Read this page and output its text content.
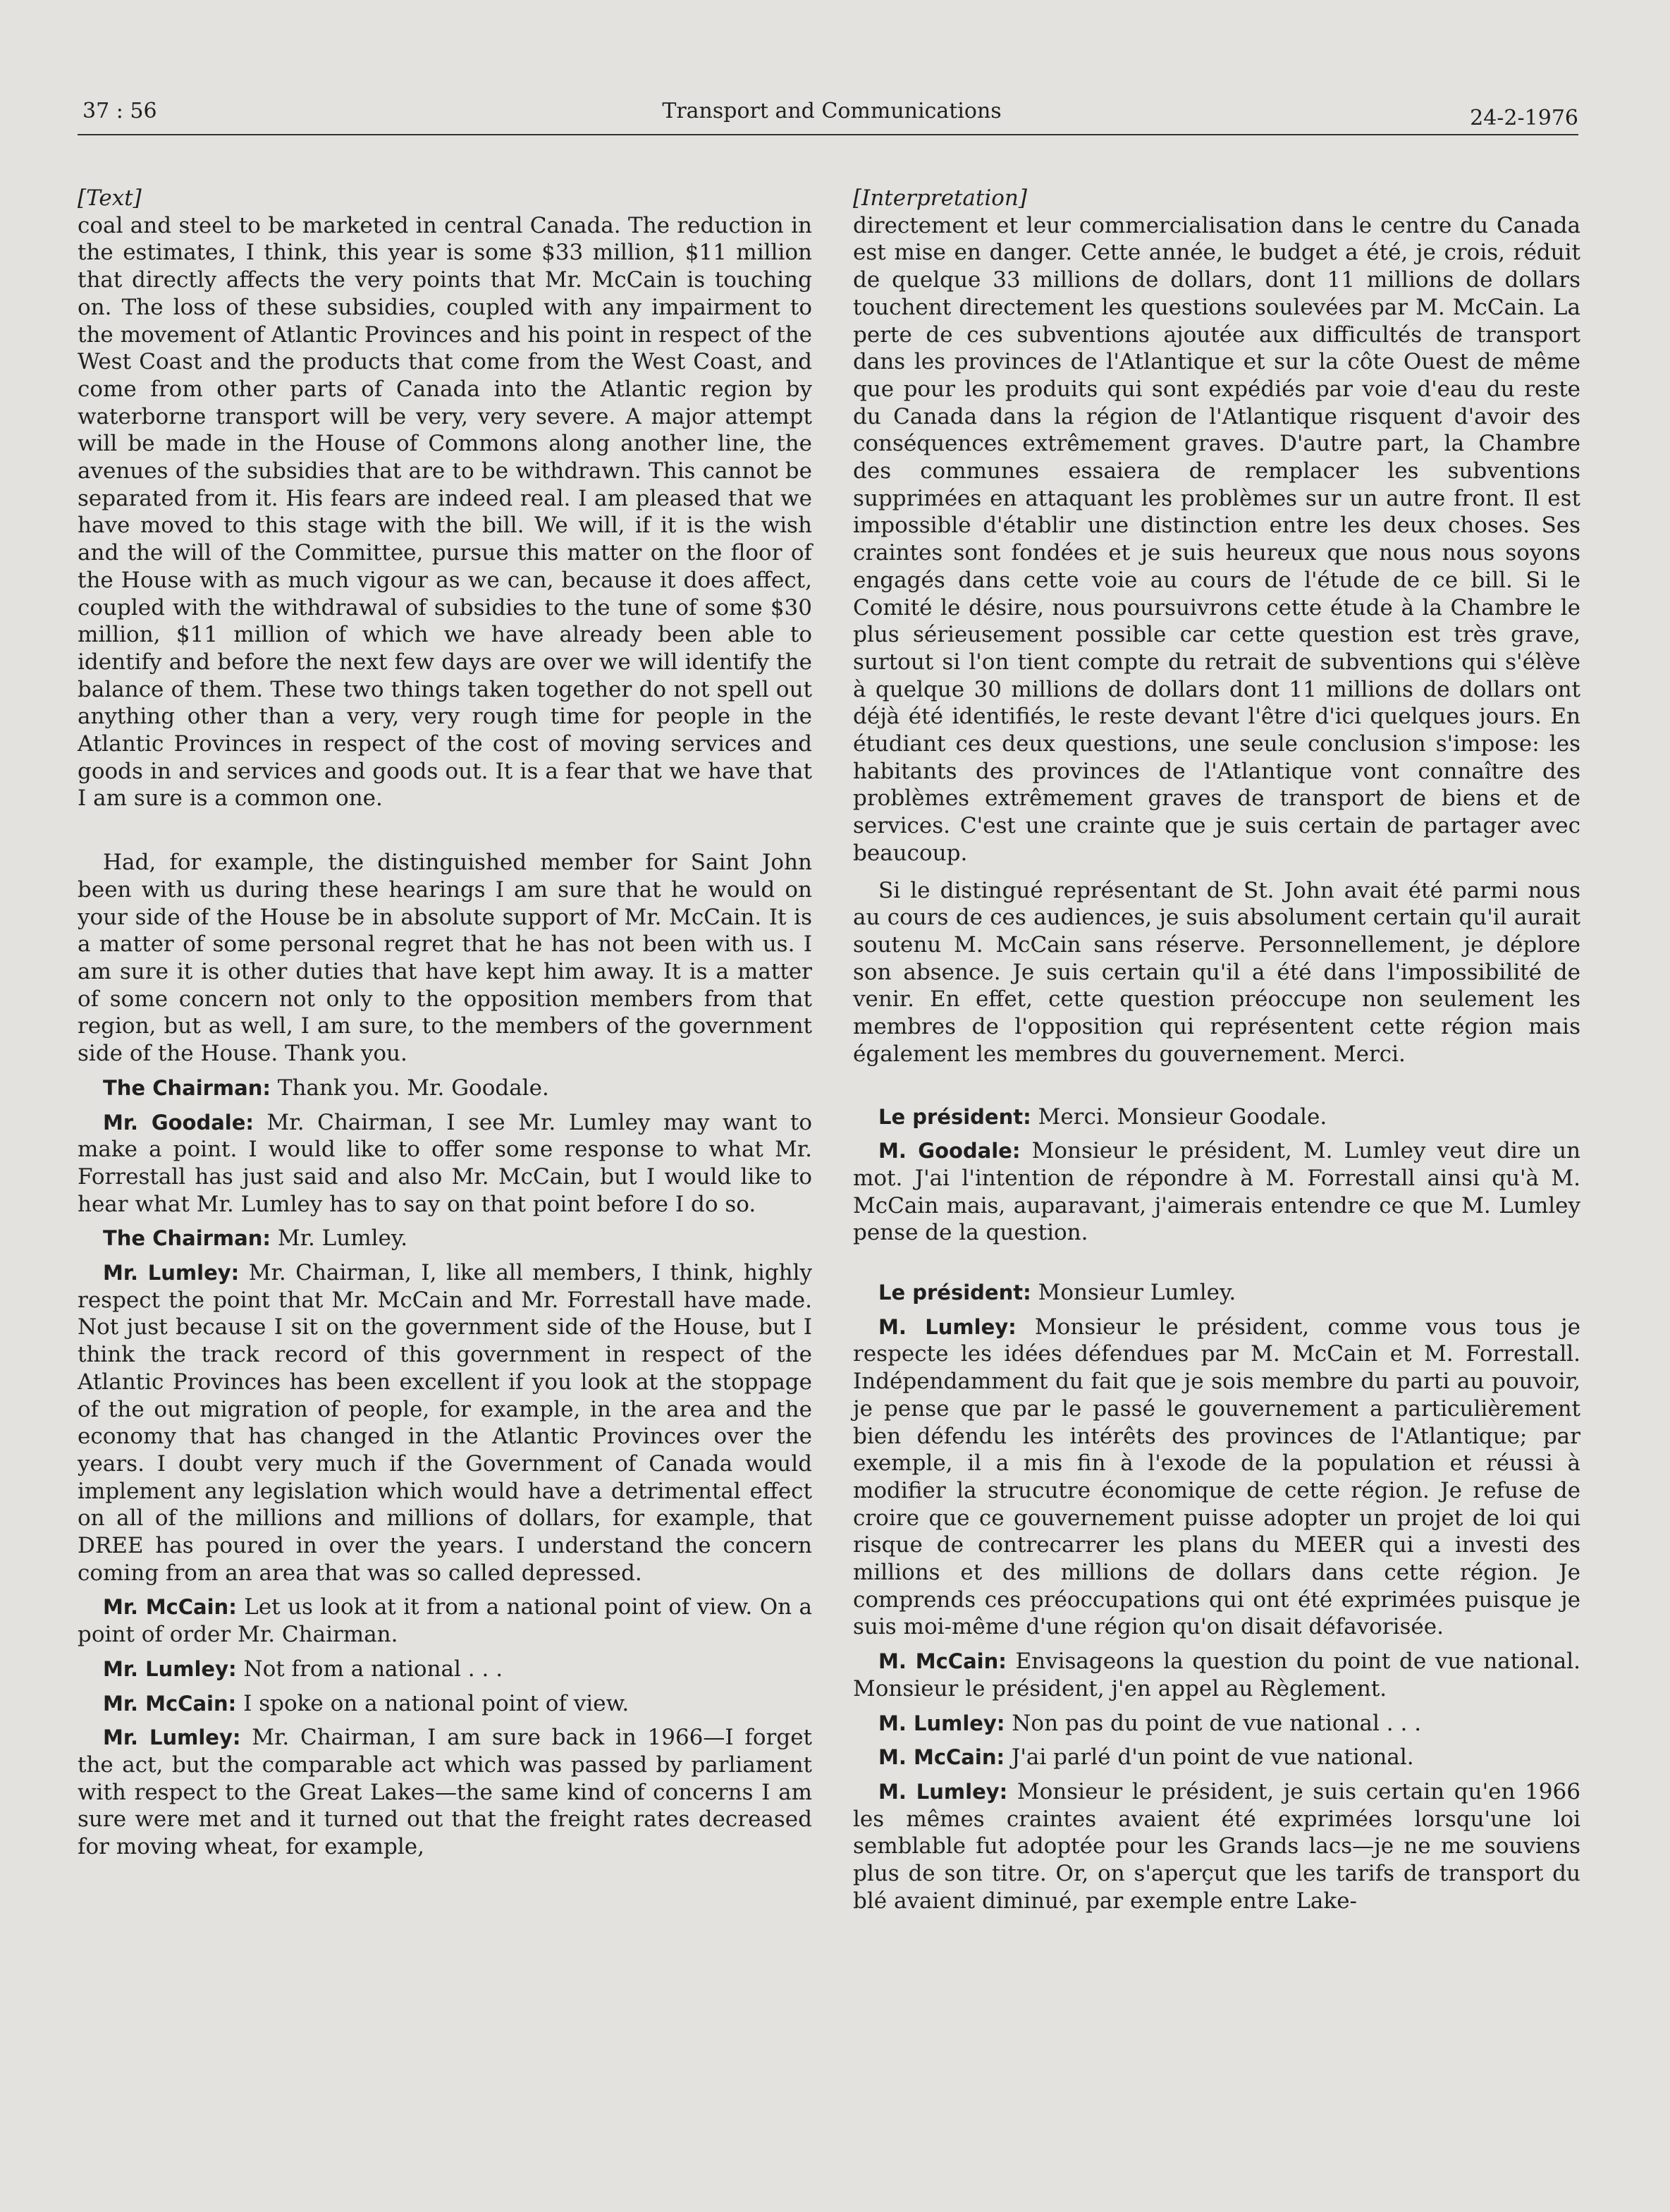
37 : 56	Transport and Communications	24-2-1976

[Text]

coal and steel to be marketed in central Canada. The reduction in the estimates, I think, this year is some $33 million, $11 million that directly affects the very points that Mr. McCain is touching on. The loss of these subsidies, coupled with any impairment to the movement of Atlantic Provinces and his point in respect of the West Coast and the products that come from the West Coast, and come from other parts of Canada into the Atlantic region by waterborne transport will be very, very severe. A major attempt will be made in the House of Commons along another line, the avenues of the subsidies that are to be withdrawn. This cannot be separated from it. His fears are indeed real. I am pleased that we have moved to this stage with the bill. We will, if it is the wish and the will of the Committee, pursue this matter on the floor of the House with as much vigour as we can, because it does affect, coupled with the withdrawal of subsidies to the tune of some $30 million, $11 million of which we have already been able to identify and before the next few days are over we will identify the balance of them. These two things taken together do not spell out anything other than a very, very rough time for people in the Atlantic Provinces in respect of the cost of moving services and goods in and services and goods out. It is a fear that we have that I am sure is a common one.

Had, for example, the distinguished member for Saint John been with us during these hearings I am sure that he would on your side of the House be in absolute support of Mr. McCain. It is a matter of some personal regret that he has not been with us. I am sure it is other duties that have kept him away. It is a matter of some concern not only to the opposition members from that region, but as well, I am sure, to the members of the government side of the House. Thank you.

The Chairman: Thank you. Mr. Goodale.

Mr. Goodale: Mr. Chairman, I see Mr. Lumley may want to make a point. I would like to offer some response to what Mr. Forrestall has just said and also Mr. McCain, but I would like to hear what Mr. Lumley has to say on that point before I do so.

The Chairman: Mr. Lumley.

Mr. Lumley: Mr. Chairman, I, like all members, I think, highly respect the point that Mr. McCain and Mr. Forrestall have made. Not just because I sit on the government side of the House, but I think the track record of this government in respect of the Atlantic Provinces has been excellent if you look at the stoppage of the out migration of people, for example, in the area and the economy that has changed in the Atlantic Provinces over the years. I doubt very much if the Government of Canada would implement any legislation which would have a detrimental effect on all of the millions and millions of dollars, for example, that DREE has poured in over the years. I understand the concern coming from an area that was so called depressed.

Mr. McCain: Let us look at it from a national point of view. On a point of order Mr. Chairman.

Mr. Lumley: Not from a national . . .

Mr. McCain: I spoke on a national point of view.

Mr. Lumley: Mr. Chairman, I am sure back in 1966—I forget the act, but the comparable act which was passed by parliament with respect to the Great Lakes—the same kind of concerns I am sure were met and it turned out that the freight rates decreased for moving wheat, for example,

[Interpretation]

directement et leur commercialisation dans le centre du Canada est mise en danger. Cette année, le budget a été, je crois, réduit de quelque 33 millions de dollars, dont 11 millions de dollars touchent directement les questions soulevées par M. McCain. La perte de ces subventions ajoutée aux difficultés de transport dans les provinces de l'Atlantique et sur la côte Ouest de même que pour les produits qui sont expédiés par voie d'eau du reste du Canada dans la région de l'Atlantique risquent d'avoir des conséquences extrêmement graves. D'autre part, la Chambre des communes essaiera de remplacer les subventions supprimées en attaquant les problèmes sur un autre front. Il est impossible d'établir une distinction entre les deux choses. Ses craintes sont fondées et je suis heureux que nous nous soyons engagés dans cette voie au cours de l'étude de ce bill. Si le Comité le désire, nous poursuivrons cette étude à la Chambre le plus sérieusement possible car cette question est très grave, surtout si l'on tient compte du retrait de subventions qui s'élève à quelque 30 millions de dollars dont 11 millions de dollars ont déjà été identifiés, le reste devant l'être d'ici quelques jours. En étudiant ces deux questions, une seule conclusion s'impose: les habitants des provinces de l'Atlantique vont connaître des problèmes extrêmement graves de transport de biens et de services. C'est une crainte que je suis certain de partager avec beaucoup.

Si le distingué représentant de St. John avait été parmi nous au cours de ces audiences, je suis absolument certain qu'il aurait soutenu M. McCain sans réserve. Personnellement, je déplore son absence. Je suis certain qu'il a été dans l'impossibilité de venir. En effet, cette question préoccupe non seulement les membres de l'opposition qui représentent cette région mais également les membres du gouvernement. Merci.

Le président: Merci. Monsieur Goodale.

M. Goodale: Monsieur le président, M. Lumley veut dire un mot. J'ai l'intention de répondre à M. Forrestall ainsi qu'à M. McCain mais, auparavant, j'aimerais entendre ce que M. Lumley pense de la question.

Le président: Monsieur Lumley.

M. Lumley: Monsieur le président, comme vous tous je respecte les idées défendues par M. McCain et M. Forrestall. Indépendamment du fait que je sois membre du parti au pouvoir, je pense que par le passé le gouvernement a particulièrement bien défendu les intérêts des provinces de l'Atlantique; par exemple, il a mis fin à l'exode de la population et réussi à modifier la strucutre économique de cette région. Je refuse de croire que ce gouvernement puisse adopter un projet de loi qui risque de contrecarrer les plans du MEER qui a investi des millions et des millions de dollars dans cette région. Je comprends ces préoccupations qui ont été exprimées puisque je suis moi-même d'une région qu'on disait défavorisée.

M. McCain: Envisageons la question du point de vue national. Monsieur le président, j'en appel au Règlement.

M. Lumley: Non pas du point de vue national . . .

M. McCain: J'ai parlé d'un point de vue national.

M. Lumley: Monsieur le président, je suis certain qu'en 1966 les mêmes craintes avaient été exprimées lorsqu'une loi semblable fut adoptée pour les Grands lacs—je ne me souviens plus de son titre. Or, on s'aperçut que les tarifs de transport du blé avaient diminué, par exemple entre Lake-
